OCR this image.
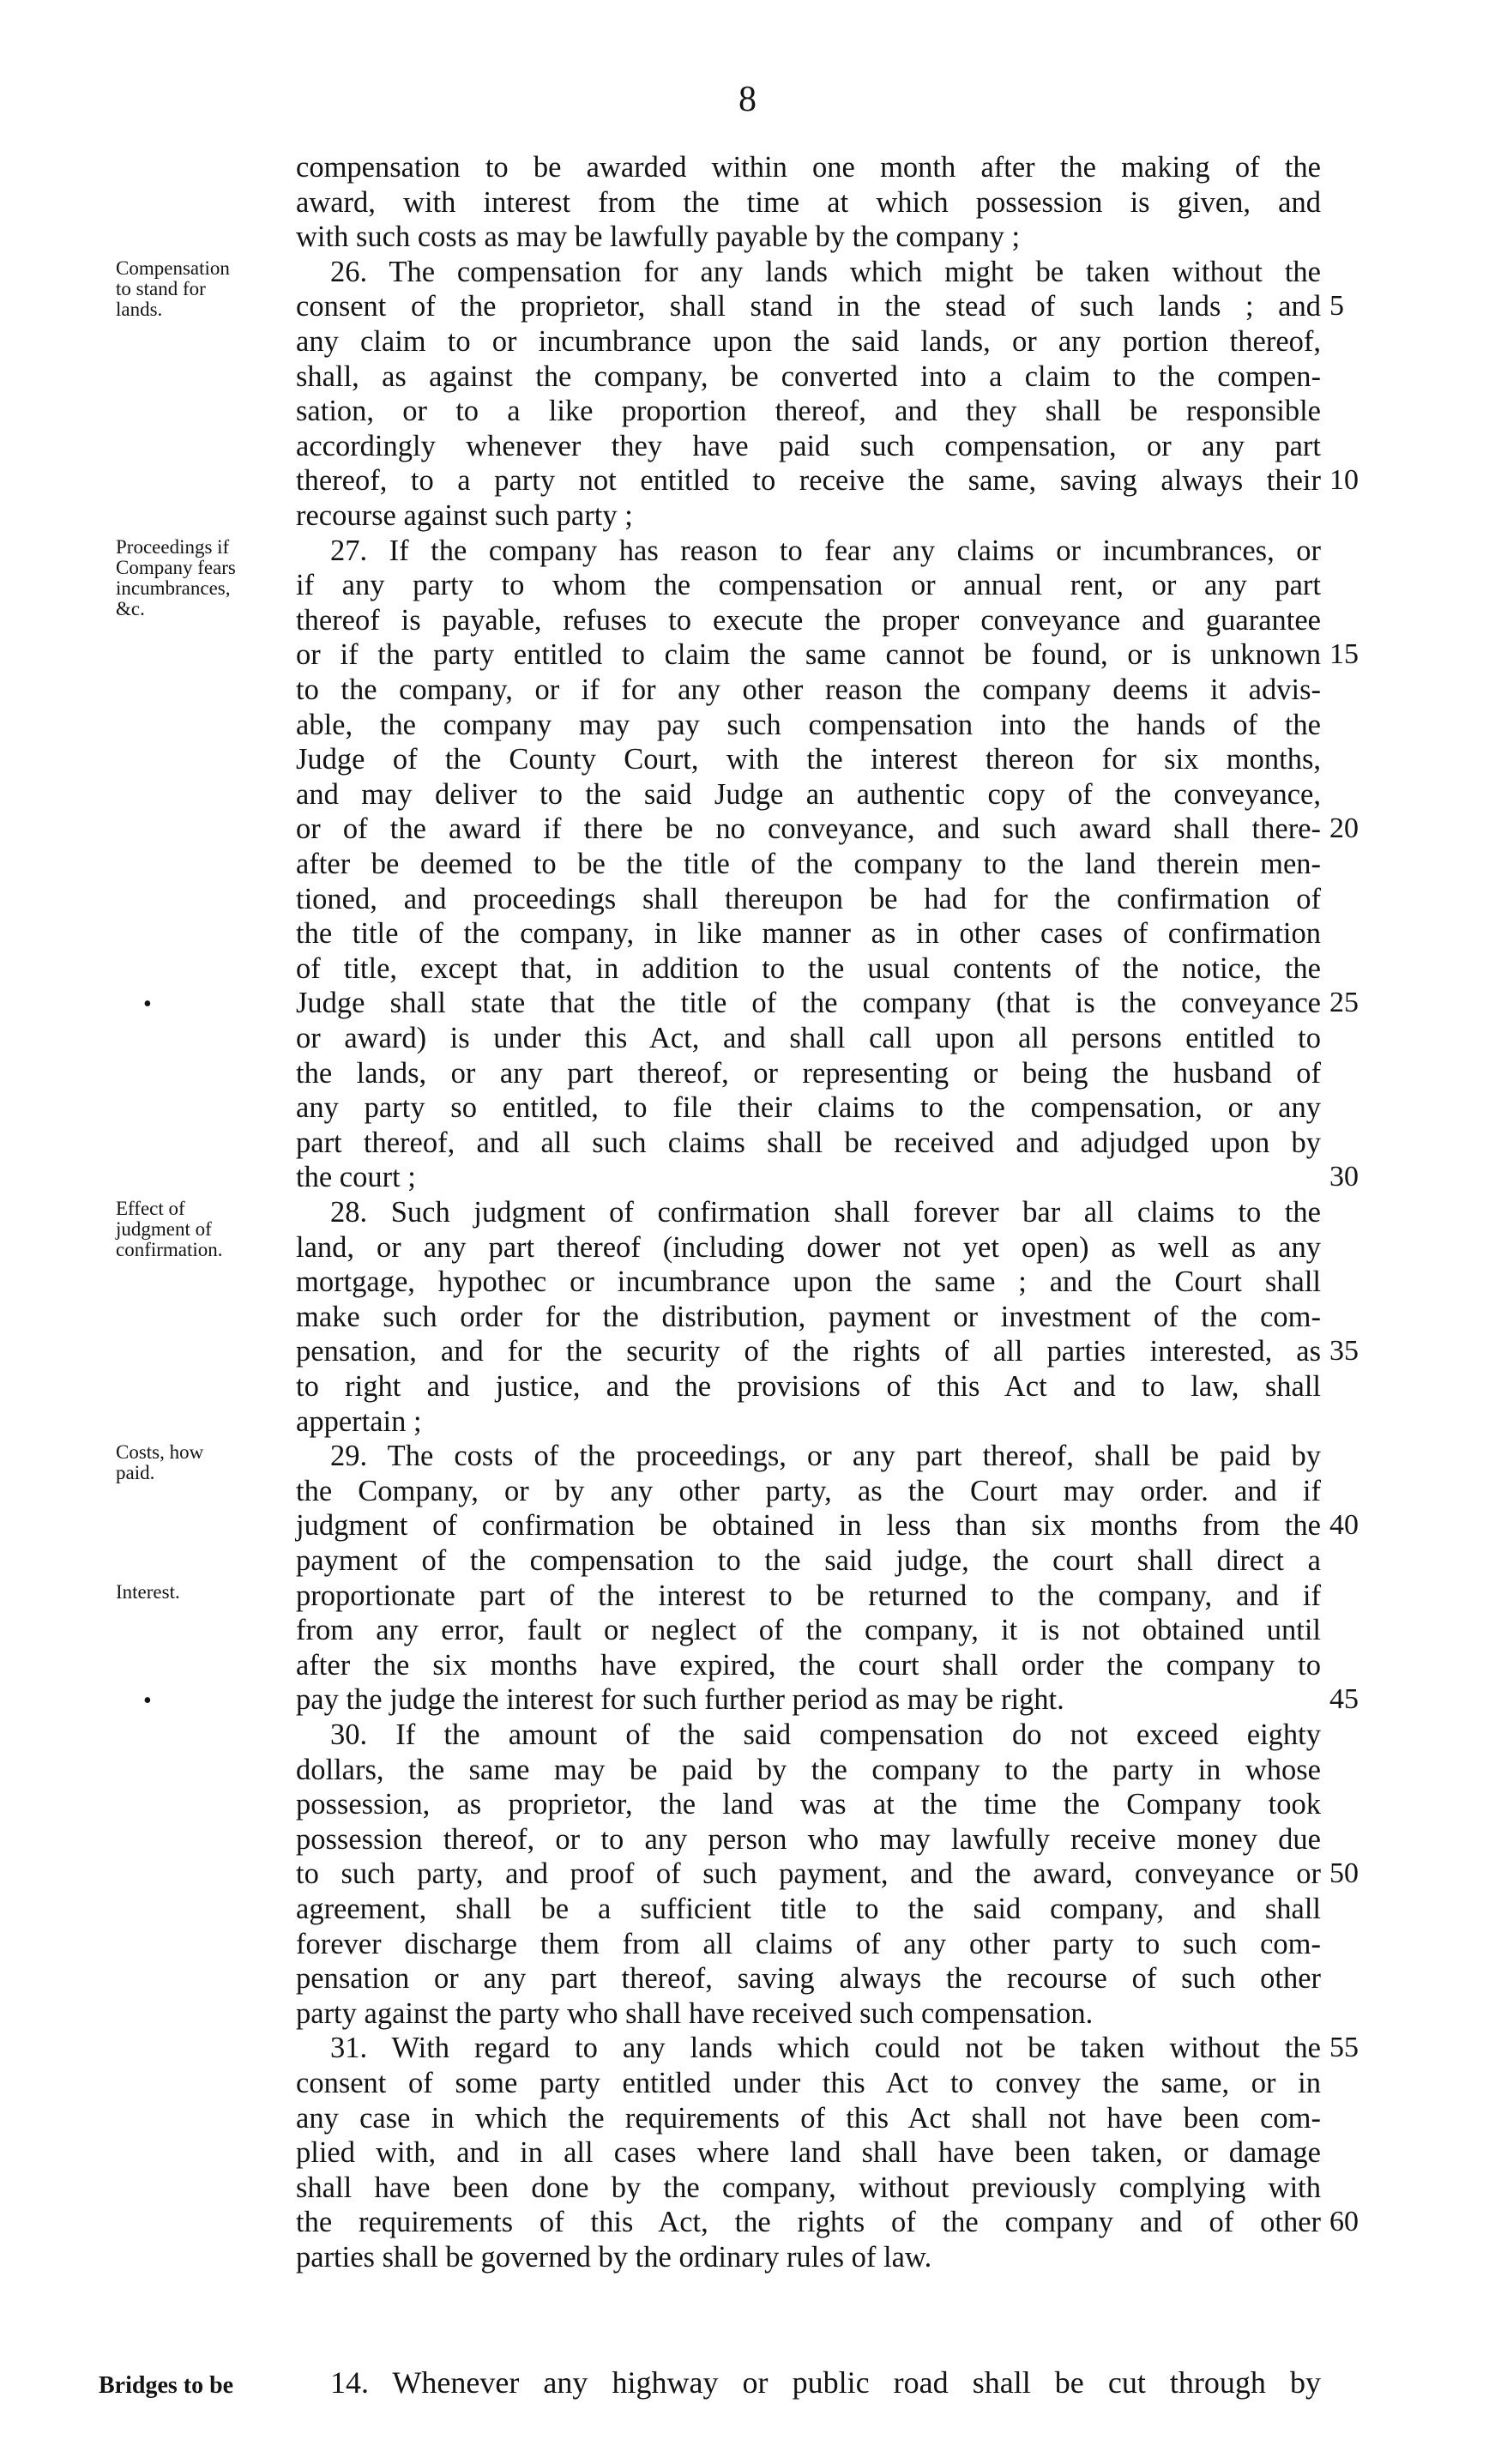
8
compensation to be awarded within one month after the making of the
award, with interest from the time at which possession is given, and
with such costs as may be lawfully payable by the company ;
26. The compensation for any lands which might be taken without the
consent of the proprietor, shall stand in the stead of such lands ; and
any claim to or incumbrance upon the said lands, or any portion thereof,
shall, as against the company, be converted into a claim to the compen-
sation, or to a like proportion thereof, and they shall be responsible
accordingly whenever they have paid such compensation, or any part
thereof, to a party not entitled to receive the same, saving always their
recourse against such party ;
27. If the company has reason to fear any claims or incumbrances, or
if any party to whom the compensation or annual rent, or any part
thereof is payable, refuses to execute the proper conveyance and guarantee
or if the party entitled to claim the same cannot be found, or is unknown
to the company, or if for any other reason the company deems it advis-
able, the company may pay such compensation into the hands of the
Judge of the County Court, with the interest thereon for six months,
and may deliver to the said Judge an authentic copy of the conveyance,
or of the award if there be no conveyance, and such award shall there-
after be deemed to be the title of the company to the land therein men-
tioned, and proceedings shall thereupon be had for the confirmation of
the title of the company, in like manner as in other cases of confirmation
of title, except that, in addition to the usual contents of the notice, the
Judge shall state that the title of the company (that is the conveyance
or award) is under this Act, and shall call upon all persons entitled to
the lands, or any part thereof, or representing or being the husband of
any party so entitled, to file their claims to the compensation, or any
part thereof, and all such claims shall be received and adjudged upon by
the court ;
28. Such judgment of confirmation shall forever bar all claims to the
land, or any part thereof (including dower not yet open) as well as any
mortgage, hypothec or incumbrance upon the same ; and the Court shall
make such order for the distribution, payment or investment of the com-
pensation, and for the security of the rights of all parties interested, as
to right and justice, and the provisions of this Act and to law, shall
appertain ;
29. The costs of the proceedings, or any part thereof, shall be paid by
the Company, or by any other party, as the Court may order. and if
judgment of confirmation be obtained in less than six months from the
payment of the compensation to the said judge, the court shall direct a
proportionate part of the interest to be returned to the company, and if
from any error, fault or neglect of the company, it is not obtained until
after the six months have expired, the court shall order the company to
pay the judge the interest for such further period as may be right.
30. If the amount of the said compensation do not exceed eighty
dollars, the same may be paid by the company to the party in whose
possession, as proprietor, the land was at the time the Company took
possession thereof, or to any person who may lawfully receive money due
to such party, and proof of such payment, and the award, conveyance or
agreement, shall be a sufficient title to the said company, and shall
forever discharge them from all claims of any other party to such com-
pensation or any part thereof, saving always the recourse of such other
party against the party who shall have received such compensation.
31. With regard to any lands which could not be taken without the
consent of some party entitled under this Act to convey the same, or in
any case in which the requirements of this Act shall not have been com-
plied with, and in all cases where land shall have been taken, or damage
shall have been done by the company, without previously complying with
the requirements of this Act, the rights of the company and of other
parties shall be governed by the ordinary rules of law.
Compensation
to stand for
lands.
Proceedings if
Company fears
incumbrances,
&c.
Effect of
judgment of
confirmation.
Costs, how
paid.
Interest.
5
10
15
20
25
30
35
40
45
50
55
60
•
•
Bridges to be	14. Whenever any highway or public road shall be cut through by
